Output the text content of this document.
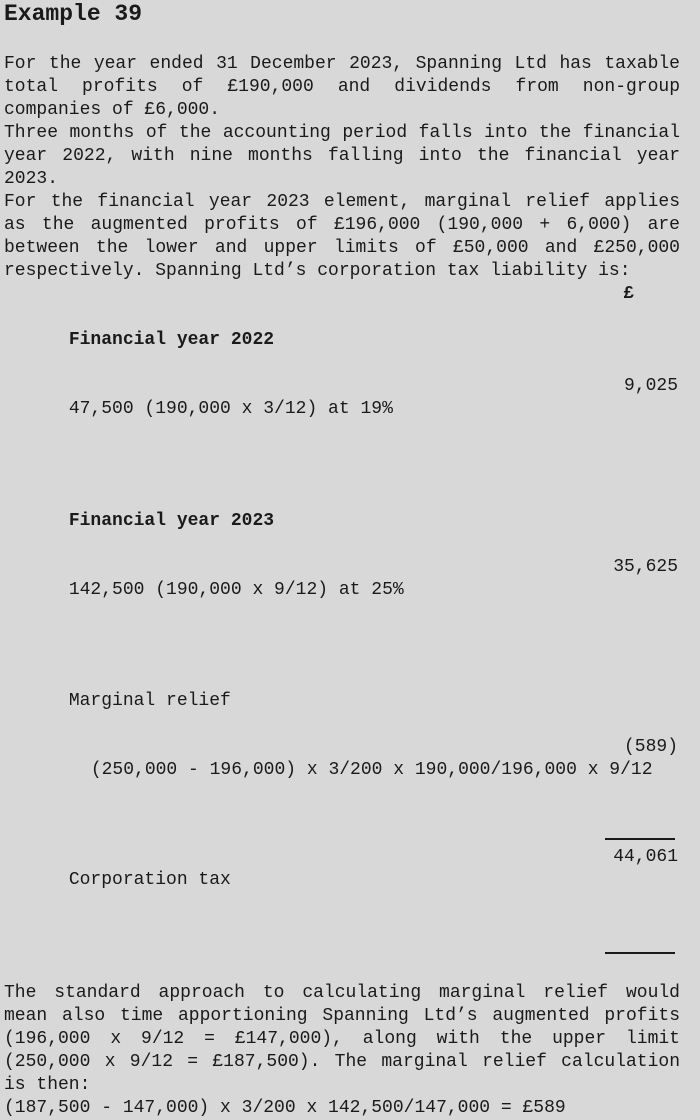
Example 39

For the year ended 31 December 2023, Spanning Ltd has taxable total profits of £190,000 and dividends from non-group companies of £6,000.

Three months of the accounting period falls into the financial year 2022, with nine months falling into the financial year 2023.

For the financial year 2023 element, marginal relief applies as the augmented profits of £196,000 (190,000 + 6,000) are between the lower and upper limits of £50,000 and £250,000 respectively. Spanning Ltd’s corporation tax liability is:

£

Financial year 2022

47,500 (190,000 x 3/12) at 19%

9,025

Financial year 2023

142,500 (190,000 x 9/12) at 25%

35,625

Marginal relief

(250,000 - 196,000) x 3/200 x 190,000/196,000 x 9/12

(589)

Corporation tax

44,061

The standard approach to calculating marginal relief would mean also time apportioning Spanning Ltd’s augmented profits (196,000 x 9/12 = £147,000), along with the upper limit (250,000 x 9/12 = £187,500). The marginal relief calculation is then:

(187,500 - 147,000) x 3/200 x 142,500/147,000 = £589
